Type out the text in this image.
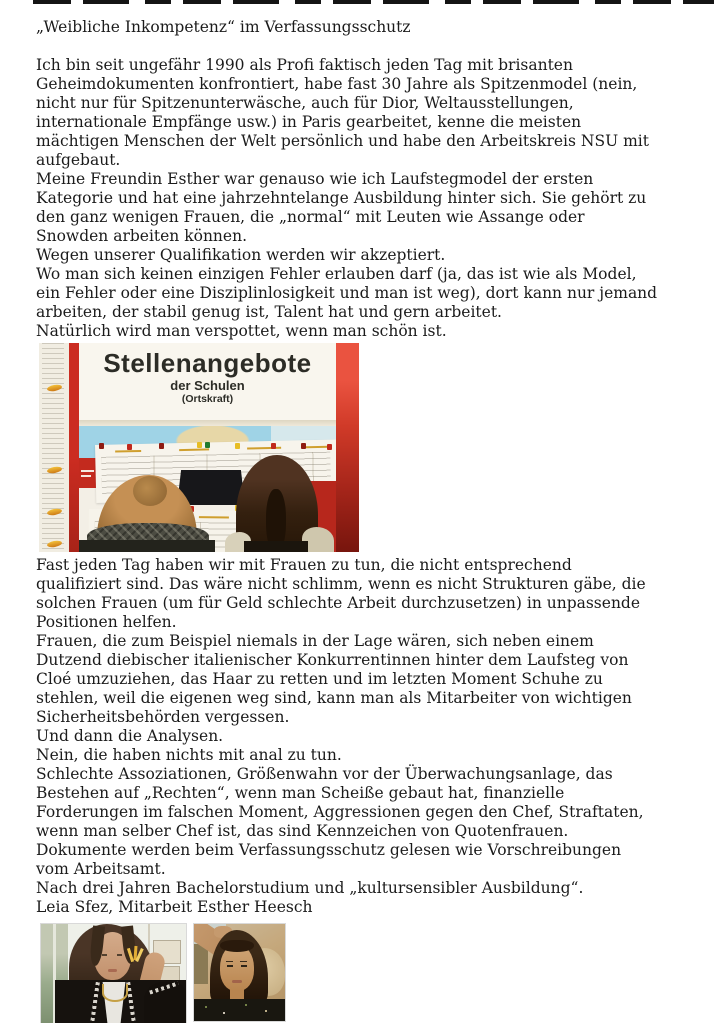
„Weibliche Inkompetenz“ im Verfassungsschutz
Ich bin seit ungefähr 1990 als Profi faktisch jeden Tag mit brisanten
Geheimdokumenten konfrontiert, habe fast 30 Jahre als Spitzenmodel (nein,
nicht nur für Spitzenunterwäsche, auch für Dior, Weltausstellungen,
internationale Empfänge usw.) in Paris gearbeitet, kenne die meisten
mächtigen Menschen der Welt persönlich und habe den Arbeitskreis NSU mit
aufgebaut.
Meine Freundin Esther war genauso wie ich Laufstegmodel der ersten
Kategorie und hat eine jahrzehntelange Ausbildung hinter sich. Sie gehört zu
den ganz wenigen Frauen, die „normal“ mit Leuten wie Assange oder
Snowden arbeiten können.
Wegen unserer Qualifikation werden wir akzeptiert.
Wo man sich keinen einzigen Fehler erlauben darf (ja, das ist wie als Model,
ein Fehler oder eine Disziplinlosigkeit und man ist weg), dort kann nur jemand
arbeiten, der stabil genug ist, Talent hat und gern arbeitet.
Natürlich wird man verspottet, wenn man schön ist.
Stellenangebote
der Schulen
(Ortskraft)
Fast jeden Tag haben wir mit Frauen zu tun, die nicht entsprechend
qualifiziert sind. Das wäre nicht schlimm, wenn es nicht Strukturen gäbe, die
solchen Frauen (um für Geld schlechte Arbeit durchzusetzen) in unpassende
Positionen helfen.
Frauen, die zum Beispiel niemals in der Lage wären, sich neben einem
Dutzend diebischer italienischer Konkurrentinnen hinter dem Laufsteg von
Cloé umzuziehen, das Haar zu retten und im letzten Moment Schuhe zu
stehlen, weil die eigenen weg sind, kann man als Mitarbeiter von wichtigen
Sicherheitsbehörden vergessen.
Und dann die Analysen.
Nein, die haben nichts mit anal zu tun.
Schlechte Assoziationen, Größenwahn vor der Überwachungsanlage, das
Bestehen auf „Rechten“, wenn man Scheiße gebaut hat, finanzielle
Forderungen im falschen Moment, Aggressionen gegen den Chef, Straftaten,
wenn man selber Chef ist, das sind Kennzeichen von Quotenfrauen.
Dokumente werden beim Verfassungsschutz gelesen wie Vorschreibungen
vom Arbeitsamt.
Nach drei Jahren Bachelorstudium und „kultursensibler Ausbildung“.
Leia Sfez, Mitarbeit Esther Heesch
